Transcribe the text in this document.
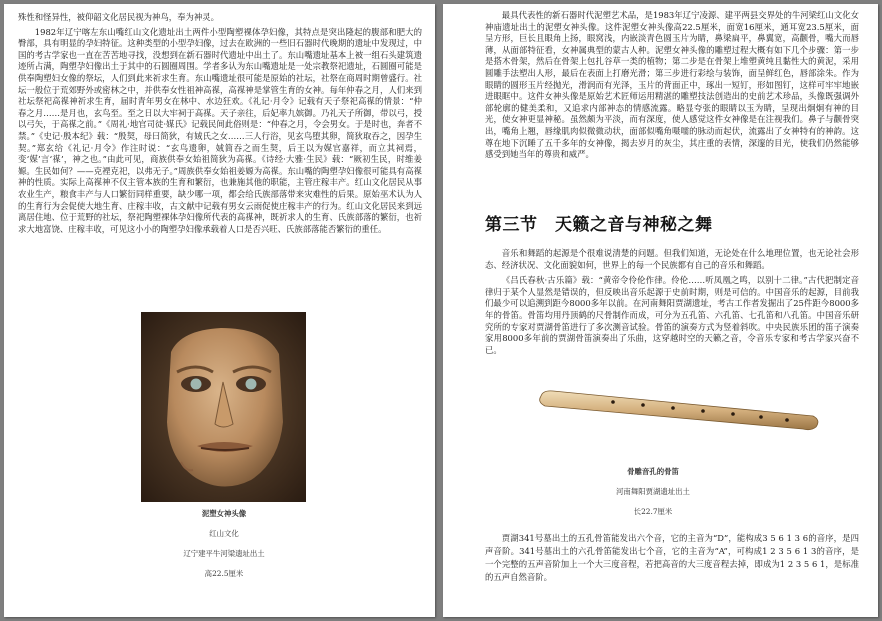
殊性和怪异性，被仰韶文化居民视为神鸟，奉为神灵。

1982年辽宁喀左东山嘴红山文化遗址出土两件小型陶塑裸体孕妇像，其特点是突出隆起的腹部和肥大的臀部，具有明显的孕妇特征。这种类型的小型孕妇像，过去在欧洲的一些旧石器时代晚期的遗址中发现过，中国的考古学家也一直在苦苦地寻找，没想到在新石器时代遗址中出土了。东山嘴遗址基本上被一组石头建筑遗迹所占满，陶塑孕妇像出土于其中的石圆圈周围。学者多认为东山嘴遗址是一处宗教祭祀遗址，石圆圈可能是供奉陶塑妇女像的祭坛，人们到此来祈求生育。东山嘴遗址很可能是原始的社坛，社祭在商周时期曾盛行。社坛一般位于荒郊野外或密林之中，并供奉女性祖神高禖，高禖神是掌管生育的女神。每年仲春之月，人们来到社坛祭祀高禖神祈求生育，届时青年男女在林中、水边狂欢。《礼记·月令》记载有天子祭祀高禖的情景：“仲春之月……是月也，玄鸟至。至之日以大牢祠于高禖。天子亲往，后妃率九嫔御。乃礼天子所御，带以弓，授以弓矢，于高禖之前。”《周礼·地官司徒·媒氏》记载民间此俗则是：“仲春之月，令会男女。于是时也，奔者不禁。”《史记·殷本纪》载：“殷契，母曰简狄，有娀氏之女……三人行浴，见玄鸟堕其卵，简狄取吞之，因孕生契。”郑玄给《礼记·月令》作注时说：“玄鸟遗卵，娀简吞之而生契，后王以为媒官嘉祥，而立其祠焉，变‘媒’言‘禖’，神之也。”由此可见，商族供奉女始祖简狄为高禖。《诗经·大雅·生民》载：“厥初生民，时维姜嫄。生民如何？——克禋克祀，以弗无子。”周族供奉女始祖姜嫄为高禖。东山嘴的陶塑孕妇像很可能具有高禖神的性质。实际上高禖神不仅主管本族的生育和繁衍，也兼施其他的职能，主管庄稼丰产。红山文化居民从事农业生产，粮食丰产与人口繁衍同样重要，缺少哪一项，都会给氏族部落带来灾难性的后果。原始巫术认为人的生育行为会促使大地生育、庄稼丰收，古文献中记载有男女云雨促使庄稼丰产的行为。红山文化居民来到远离居住地、位于荒野的社坛，祭祀陶塑裸体孕妇像所代表的高禖神，既祈求人的生育、氏族部落的繁衍，也祈求大地富饶、庄稼丰收，可见这小小的陶塑孕妇像承载着人口是否兴旺、氏族部落能否繁衍的重任。

泥塑女神头像
红山文化
辽宁建平牛河梁遗址出土
高22.5厘米

最具代表性的新石器时代泥塑艺术品，是1983年辽宁凌源、建平两县交界处的牛河梁红山文化女神庙遗址出土的泥塑女神头像。这件泥塑女神头像高22.5厘米，面宽16厘米，通耳宽23.5厘米，面呈方形，巨长且眼角上扬，眼窝浅，内嵌淡青色圆玉片为睛，鼻梁扁平，鼻翼宽，高颧骨，嘴大而唇薄，从面部特征看，女神属典型的蒙古人种。泥塑女神头像的雕塑过程大概有如下几个步骤：第一步是搭木骨架，然后在骨架上包扎谷草一类的植物；第二步是在骨架上堆塑黄纯且黏性大的黄泥，采用圆雕手法塑出人形，最后在表面上打磨光滑；第三步进行彩绘与装饰，面呈鲜红色，唇部涂朱。作为眼睛的圆形玉片经抛光，滑润而有光泽，玉片的背面正中，琢出一短钉，形如图钉，这样可牢牢地嵌进眼眶中。这件女神头像是原始艺术匠师运用精湛的雕塑技法创造出的史前艺术珍品，头像既强调外部轮廓的健美柔和，又追求内部神态的情感流露。略显夸张的眼睛以玉为睛，呈现出炯炯有神的目光，使女神更显神秘。虽然颇为平淡，而有深度，使人感觉这件女神像是在注视我们。鼻子与颧骨突出，嘴角上翘，唇缘肌肉似微微动状，面部似嘴角嗫嚅的脉动而起伏，流露出了女神特有的神韵。这尊在地下沉睡了五千多年的女神像，揭去岁月的灰尘，其庄重的表情，深邃的目光，使我们仍然能够感受到她当年的尊贵和威严。

第三节　天籁之音与神秘之舞

音乐和舞蹈的起源是个很难说清楚的问题。但我们知道，无论处在什么地理位置，也无论社会形态、经济状况、文化面貌如何，世界上的每一个民族都有自己的音乐和舞蹈。

《吕氏春秋·古乐篇》载：“黄帝令伶伦作律。伶伦……听凤凰之鸣，以别十二律。”古代把制定音律归于某个人显然是错误的，但反映出音乐起源于史前时期，则是可信的。中国音乐的起源，目前我们最少可以追溯到距今8000多年以前。在河南舞阳贾湖遗址，考古工作者发掘出了25件距今8000多年的骨笛。骨笛均用丹顶鹤的尺骨制作而成，可分为五孔笛、六孔笛、七孔笛和八孔笛。中国音乐研究所的专家对贾湖骨笛进行了多次测音试验。骨笛的演奏方式为竖着斜吹。中央民族乐团的笛子演奏家用8000多年前的贾湖骨笛演奏出了乐曲，这穿越时空的天籁之音，令音乐专家和考古学家兴奋不已。

骨雕音孔的骨笛
河南舞阳贾湖遗址出土
长22.7厘米

贾湖341号墓出土的五孔骨笛能发出六个音，它的主音为“D”，能构成3 5 6 1 3 6的音序，是四声音阶。341号墓出土的六孔骨笛能发出七个音，它的主音为“A”，可构成1 2 3 5 6 1 3的音序，是一个完整的五声音阶加上一个大三度音程，若把高音的大三度音程去掉，即成为1 2 3 5 6 1，是标准的五声自然音阶。
